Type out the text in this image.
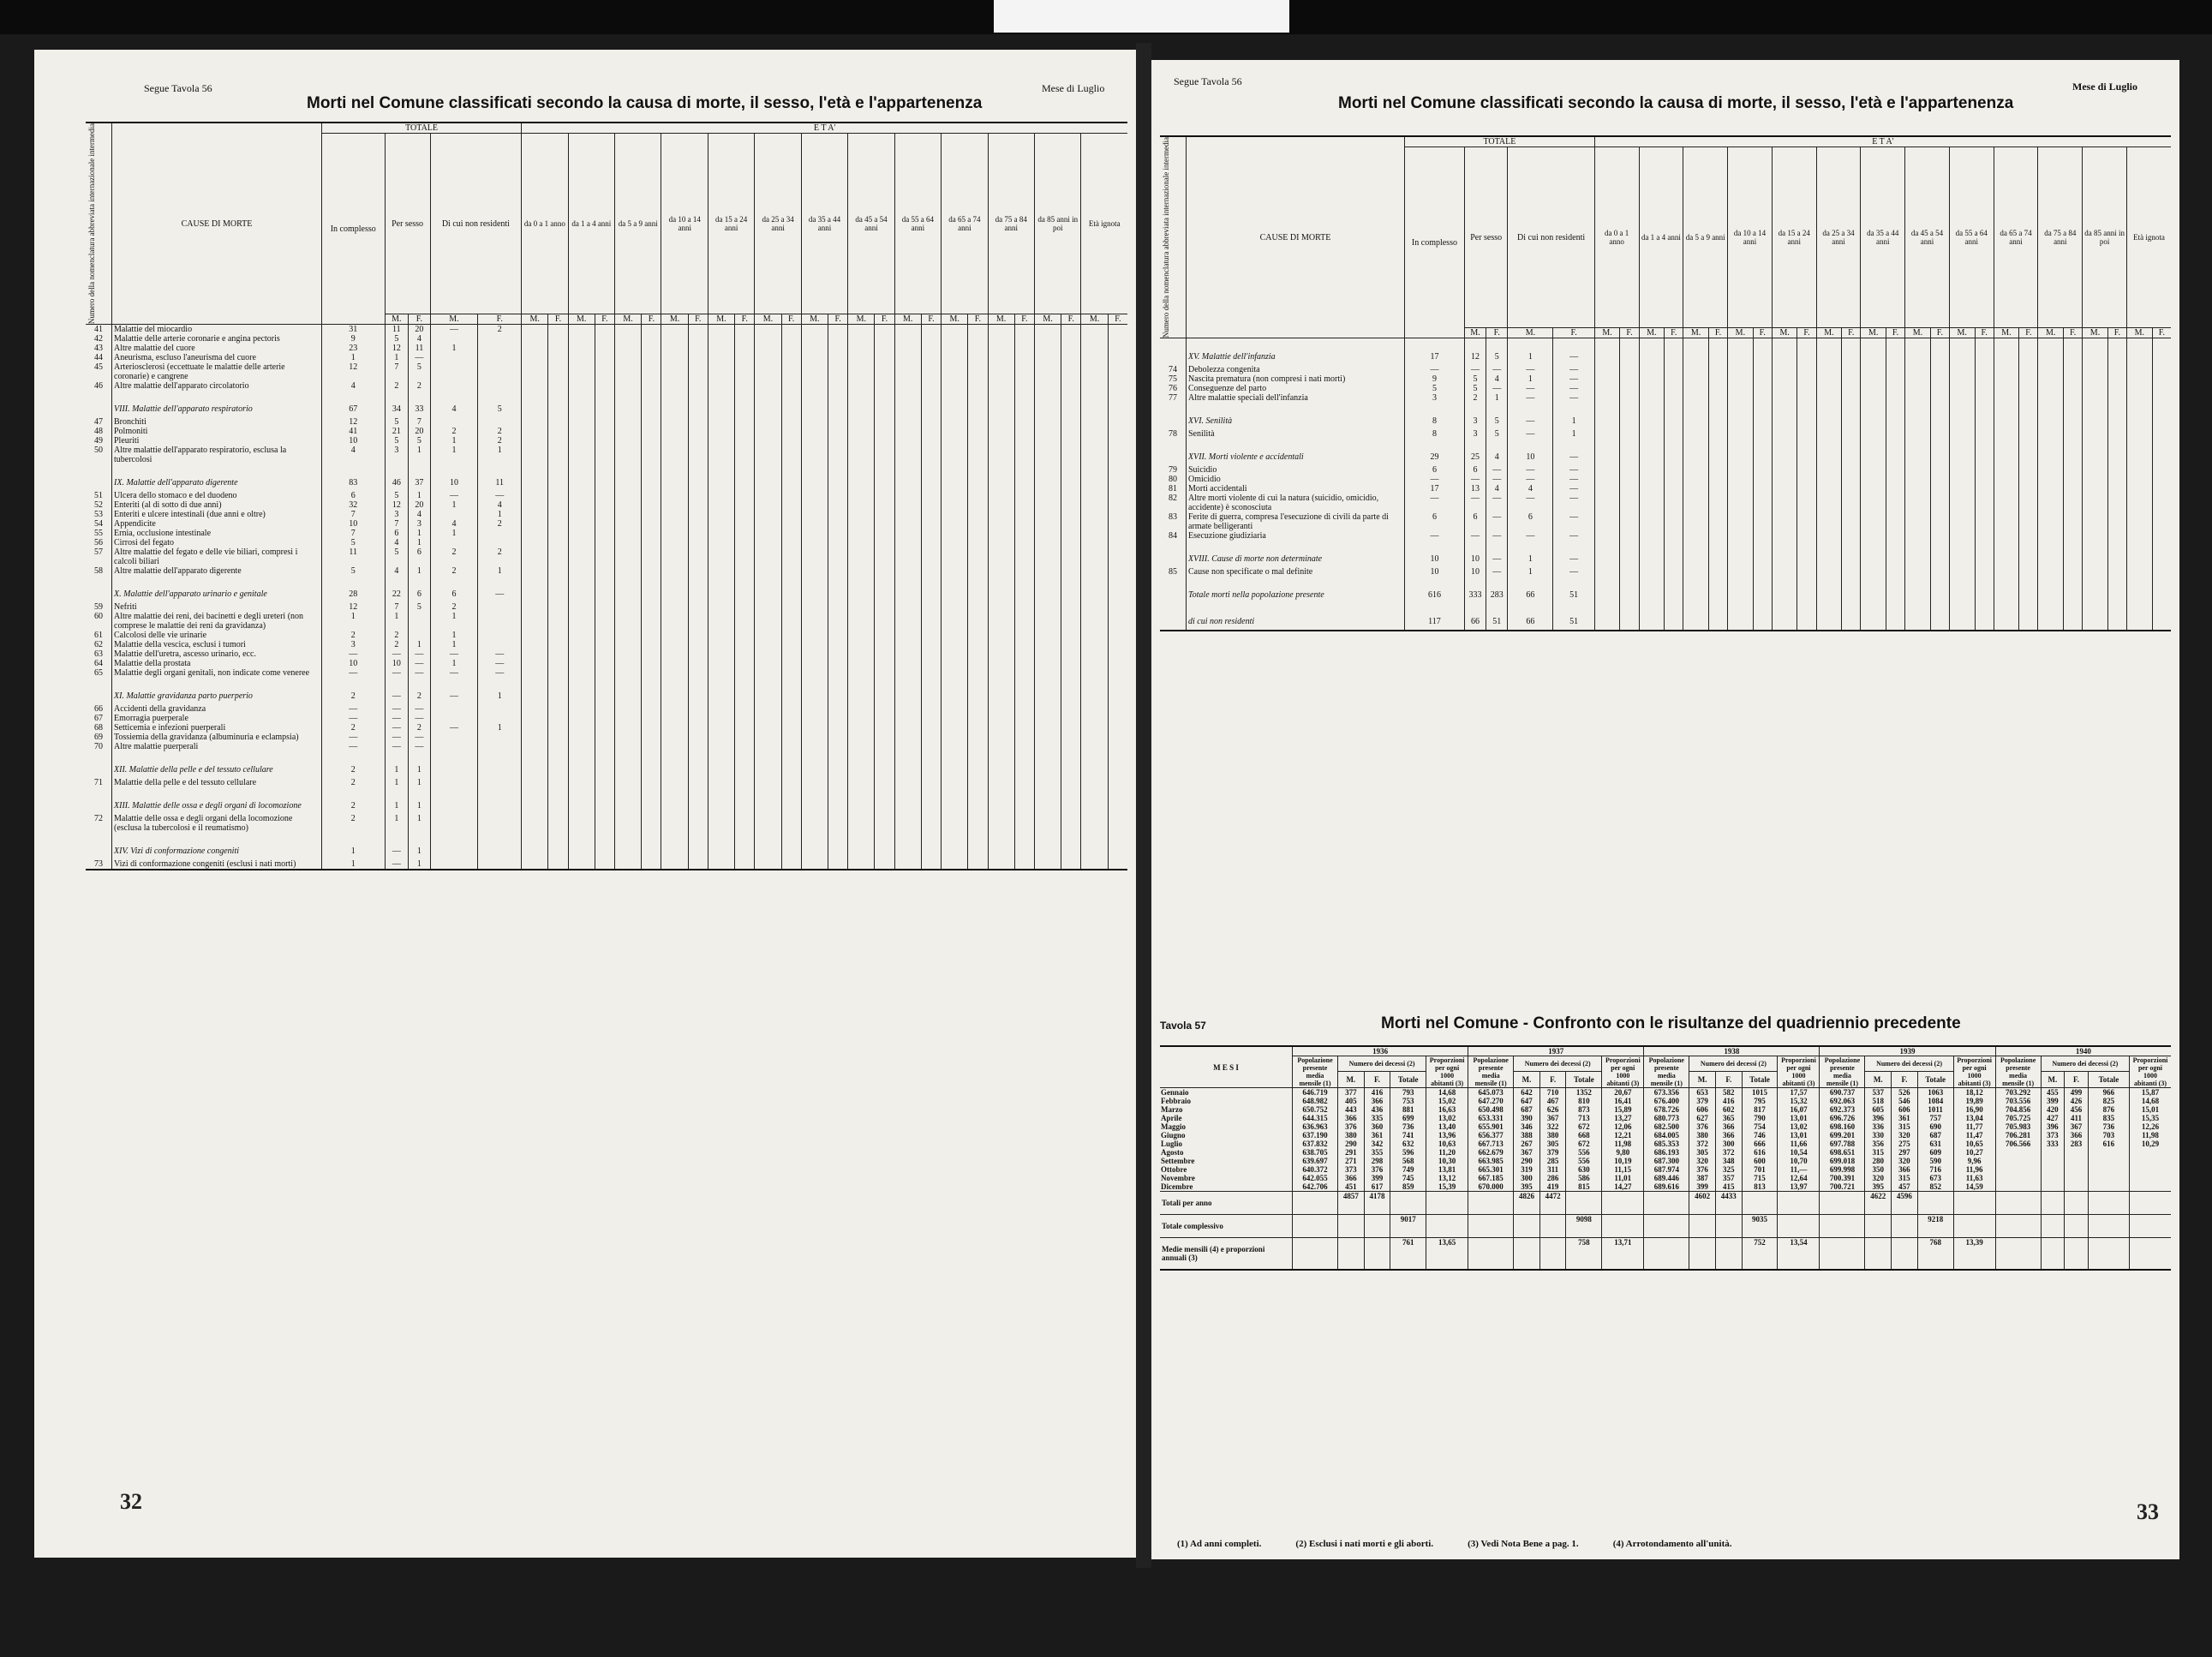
Segue Tavola 56	Mese di Luglio
Morti nel Comune classificati secondo la causa di morte, il sesso, l'età e l'appartenenza
Numero della nomenclatura abbreviata internazionale intermedia	CAUSE DI MORTE	TOTALE					E T A'																									
		In complesso	Per sesso		Di cui non residenti		da 0 a 1 anno		da 1 a 4 anni		da 5 a 9 anni		da 10 a 14 anni		da 15 a 24 anni		da 25 a 34 anni		da 35 a 44 anni		da 45 a 54 anni		da 55 a 64 anni		da 65 a 74 anni		da 75 a 84 anni		da 85 anni in poi		Età ignota	
			M.	F.	M.	F.	M.	F.	M.	F.	M.	F.	M.	F.	M.	F.	M.	F.	M.	F.	M.	F.	M.	F.	M.	F.	M.	F.	M.	F.	M.	F.
41	Malattie del miocardio	31	11	20	—	2																										
42	Malattie delle arterie coronarie e angina pectoris	9	5	4																												
43	Altre malattie del cuore	23	12	11	1																											
44	Aneurisma, escluso l'aneurisma del cuore	1	1	—																												
45	Arteriosclerosi (eccettuate le malattie delle arterie coronarie) e cangrene	12	7	5																												
46	Altre malattie dell'apparato circolatorio	4	2	2																												
	VIII. Malattie dell'apparato respiratorio	67	34	33	4	5																										
47	Bronchiti	12	5	7																												
48	Polmoniti	41	21	20	2	2																										
49	Pleuriti	10	5	5	1	2																										
50	Altre malattie dell'apparato respiratorio, esclusa la tubercolosi	4	3	1	1	1																										
	IX. Malattie dell'apparato digerente	83	46	37	10	11																										
51	Ulcera dello stomaco e del duodeno	6	5	1	—	—																										
52	Enteriti (al di sotto di due anni)	32	12	20	1	4																										
53	Enteriti e ulcere intestinali (due anni e oltre)	7	3	4		1																										
54	Appendicite	10	7	3	4	2																										
55	Ernia, occlusione intestinale	7	6	1	1																											
56	Cirrosi del fegato	5	4	1																												
57	Altre malattie del fegato e delle vie biliari, compresi i calcoli biliari	11	5	6	2	2																										
58	Altre malattie dell'apparato digerente	5	4	1	2	1																										
	X. Malattie dell'apparato urinario e genitale	28	22	6	6	—																										
59	Nefriti	12	7	5	2																											
60	Altre malattie dei reni, dei bacinetti e degli ureteri (non comprese le malattie dei reni da gravidanza)	1	1		1																											
61	Calcolosi delle vie urinarie	2	2		1																											
62	Malattie della vescica, esclusi i tumori	3	2	1	1																											
63	Malattie dell'uretra, ascesso urinario, ecc.	—	—	—	—	—																										
64	Malattie della prostata	10	10	—	1	—																										
65	Malattie degli organi genitali, non indicate come veneree	—	—	—	—	—																										
	XI. Malattie gravidanza parto puerperio	2	—	2	—	1																										
66	Accidenti della gravidanza	—	—	—																												
67	Emorragia puerperale	—	—	—																												
68	Setticemia e infezioni puerperali	2	—	2	—	1																										
69	Tossiemia della gravidanza (albuminuria e eclampsia)	—	—	—																												
70	Altre malattie puerperali	—	—	—																												
	XII. Malattie della pelle e del tessuto cellulare	2	1	1																												
71	Malattie della pelle e del tessuto cellulare	2	1	1																												
	XIII. Malattie delle ossa e degli organi di locomozione	2	1	1																												
72	Malattie delle ossa e degli organi della locomozione (esclusa la tubercolosi e il reumatismo)	2	1	1																												
	XIV. Vizi di conformazione congeniti	1	—	1																												
73	Vizi di conformazione congeniti (esclusi i nati morti)	1	—	1																												
32
Segue Tavola 56	Mese di Luglio
Morti nel Comune classificati secondo la causa di morte, il sesso, l'età e l'appartenenza
Numero della nomenclatura abbreviata internazionale intermedia	CAUSE DI MORTE	TOTALE					E T A'																									
		In complesso	Per sesso		Di cui non residenti		da 0 a 1 anno		da 1 a 4 anni		da 5 a 9 anni		da 10 a 14 anni		da 15 a 24 anni		da 25 a 34 anni		da 35 a 44 anni		da 45 a 54 anni		da 55 a 64 anni		da 65 a 74 anni		da 75 a 84 anni		da 85 anni in poi		Età ignota	
			M.	F.	M.	F.	M.	F.	M.	F.	M.	F.	M.	F.	M.	F.	M.	F.	M.	F.	M.	F.	M.	F.	M.	F.	M.	F.	M.	F.	M.	F.
	XV. Malattie dell'infanzia	17	12	5	1	—																										
74	Debolezza congenita	—	—	—	—	—																										
75	Nascita prematura (non compresi i nati morti)	9	5	4	1	—																										
76	Conseguenze del parto	5	5	—	—	—																										
77	Altre malattie speciali dell'infanzia	3	2	1	—	—																										
	XVI. Senilità	8	3	5	—	1																										
78	Senilità	8	3	5	—	1																										
	XVII. Morti violente e accidentali	29	25	4	10	—																										
79	Suicidio	6	6	—	—	—																										
80	Omicidio	—	—	—	—	—																										
81	Morti accidentali	17	13	4	4	—																										
82	Altre morti violente di cui la natura (suicidio, omicidio, accidente) è sconosciuta	—	—	—	—	—																										
83	Ferite di guerra, compresa l'esecuzione di civili da parte di armate belligeranti	6	6	—	6	—																										
84	Esecuzione giudiziaria	—	—	—	—	—																										
	XVIII. Cause di morte non determinate	10	10	—	1	—																										
85	Cause non specificate o mal definite	10	10	—	1	—																										
	Totale morti nella popolazione presente	616	333	283	66	51																										
	di cui non residenti	117	66	51	66	51																										
Tavola 57	Morti nel Comune - Confronto con le risultanze del quadriennio precedente
M E S I	1936					1937					1938					1939					1940				
	Popolazione presente media mensile (1)	Numero dei decessi (2)			Proporzioni per ogni 1000 abitanti (3)	Popolazione presente media mensile (1)	Numero dei decessi (2)			Proporzioni per ogni 1000 abitanti (3)	Popolazione presente media mensile (1)	Numero dei decessi (2)			Proporzioni per ogni 1000 abitanti (3)	Popolazione presente media mensile (1)	Numero dei decessi (2)			Proporzioni per ogni 1000 abitanti (3)	Popolazione presente media mensile (1)	Numero dei decessi (2)			Proporzioni per ogni 1000 abitanti (3)
		M.	F.	Totale			M.	F.	Totale			M.	F.	Totale			M.	F.	Totale			M.	F.	Totale	
Gennaio	646.719	377	416	793	14,68	645.073	642	710	1352	20,67	673.356	653	582	1015	17,57	690.737	537	526	1063	18,12	703.292	455	499	966	15,87
Febbraio	648.982	405	366	753	15,02	647.270	647	467	810	16,41	676.400	379	416	795	15,32	692.063	518	546	1084	19,89	703.556	399	426	825	14,68
Marzo	650.752	443	436	881	16,63	650.498	687	626	873	15,89	678.726	606	602	817	16,07	692.373	605	606	1011	16,90	704.856	420	456	876	15,01
Aprile	644.315	366	335	699	13,02	653.331	390	367	713	13,27	680.773	627	365	790	13,01	696.726	396	361	757	13,04	705.725	427	411	835	15,35
Maggio	636.963	376	360	736	13,40	655.901	346	322	672	12,06	682.500	376	366	754	13,02	698.160	336	315	690	11,77	705.983	396	367	736	12,26
Giugno	637.190	380	361	741	13,96	656.377	388	380	668	12,21	684.005	380	366	746	13,01	699.201	330	320	687	11,47	706.281	373	366	703	11,98
Luglio	637.832	290	342	632	10,63	667.713	267	305	672	11,98	685.353	372	300	666	11,66	697.788	356	275	631	10,65	706.566	333	283	616	10,29
Agosto	638.705	291	355	596	11,20	662.679	367	379	556	9,80	686.193	305	372	616	10,54	698.651	315	297	609	10,27					
Settembre	639.697	271	298	568	10,30	663.985	290	285	556	10,19	687.300	320	348	600	10,70	699.018	280	320	590	9,96					
Ottobre	640.372	373	376	749	13,81	665.301	319	311	630	11,15	687.974	376	325	701	11,—	699.998	350	366	716	11,96					
Novembre	642.055	366	399	745	13,12	667.185	300	286	586	11,01	689.446	387	357	715	12,64	700.391	320	315	673	11,63					
Dicembre	642.706	451	617	859	15,39	670.000	395	419	815	14,27	689.616	399	415	813	13,97	700.721	395	457	852	14,59					
Totali per anno		4857	4178				4826	4472				4602	4433				4622	4596							
Totale complessivo				9017					9098					9035					9218						
Medie mensili (4) e proporzioni annuali (3)				761	13,65				758	13,71				752	13,54				768	13,39					
(1) Ad anni completi.	(2) Esclusi i nati morti e gli aborti.	(3) Vedi Nota Bene a pag. 1.	(4) Arrotondamento all'unità.
33
